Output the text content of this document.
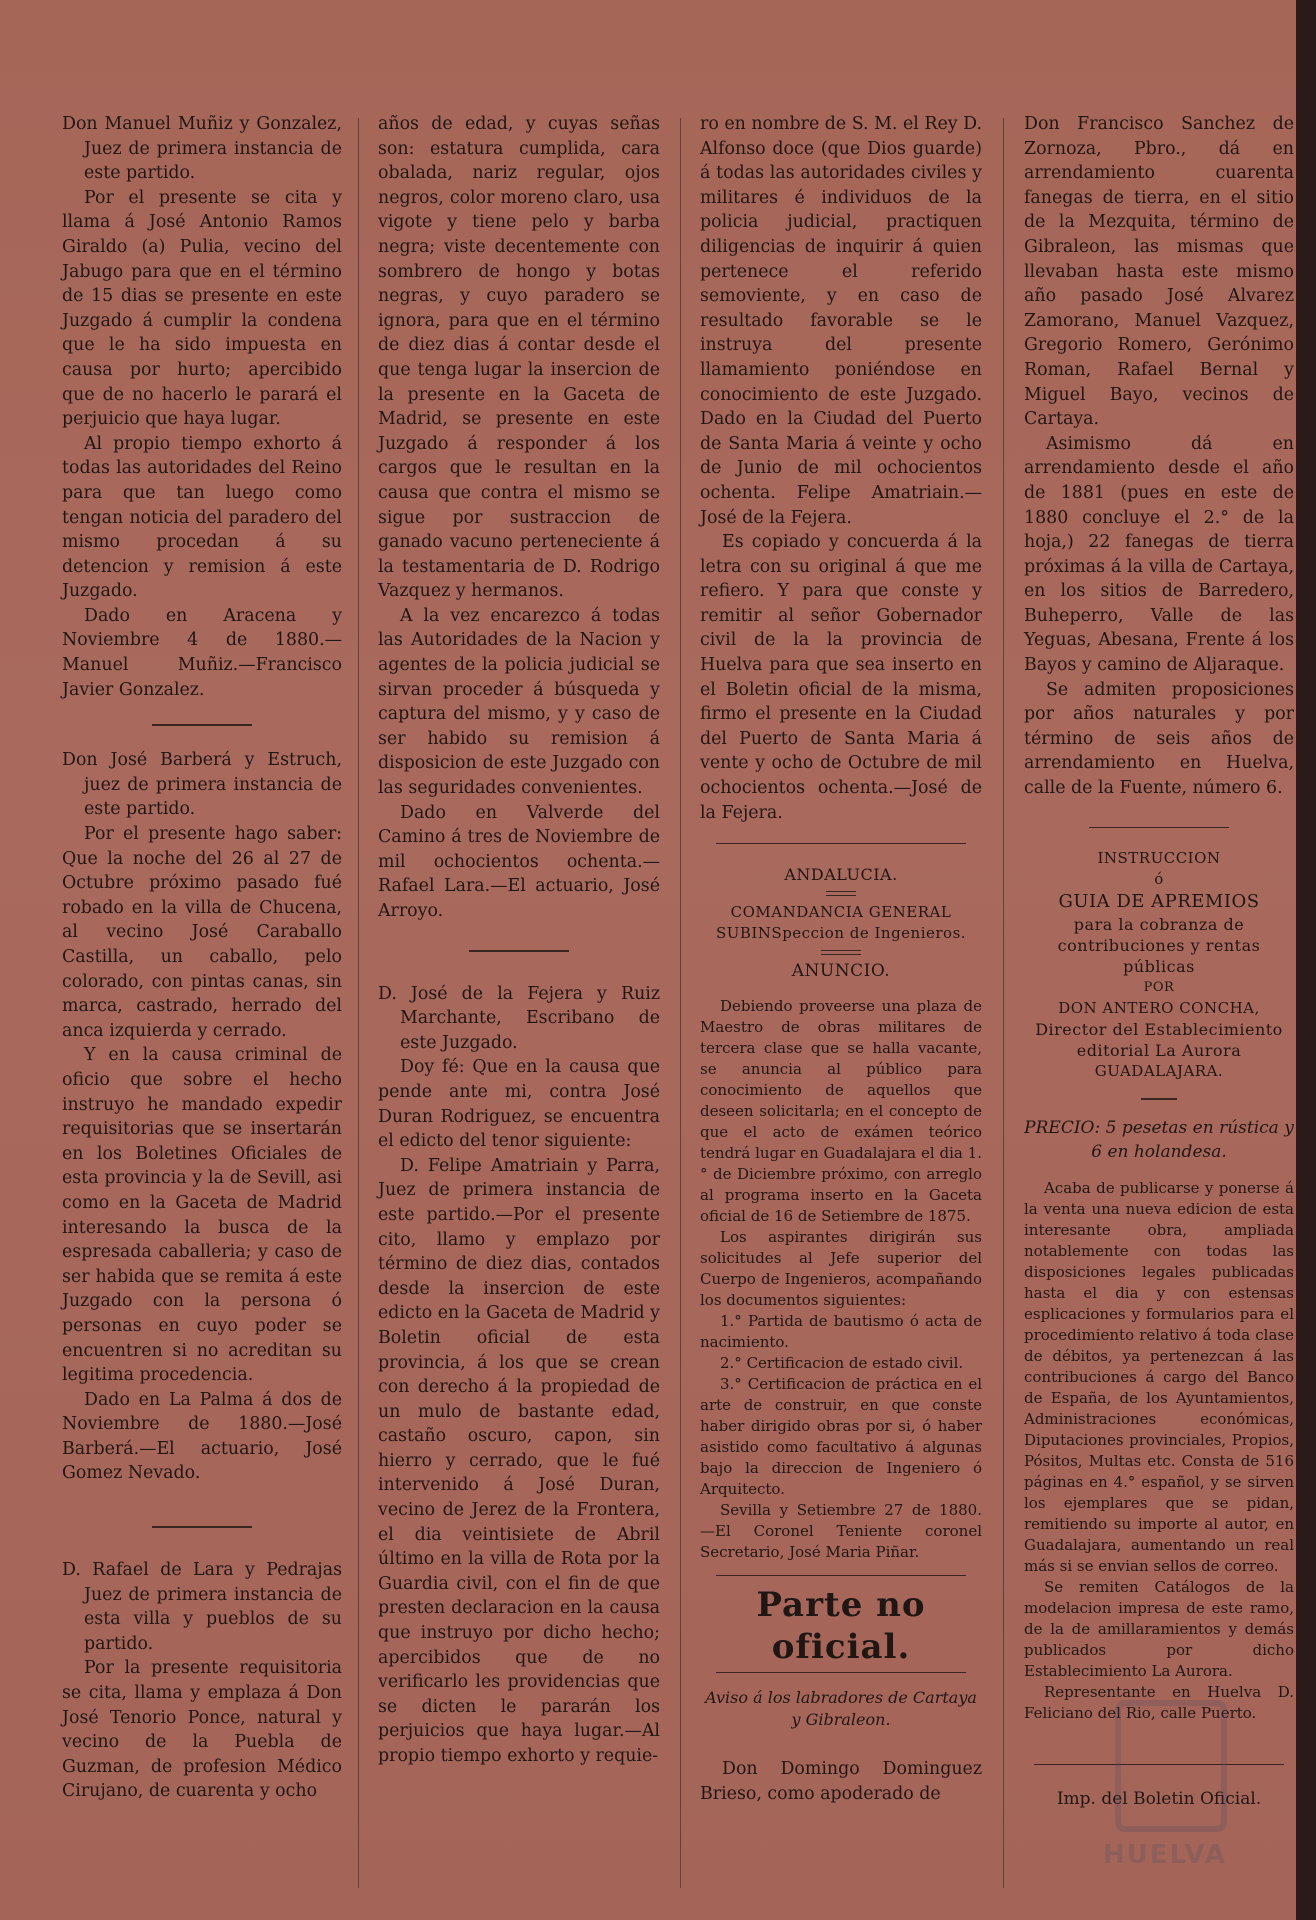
Don Manuel Muñiz y Gonzalez, Juez de primera instancia de este partido.

Por el presente se cita y llama á José Antonio Ramos Giraldo (a) Pulia, vecino del Jabugo para que en el término de 15 dias se presente en este Juzgado á cumplir la condena que le ha sido impuesta en causa por hurto; apercibido que de no hacerlo le parará el perjuicio que haya lugar.

Al propio tiempo exhorto á todas las autoridades del Reino para que tan luego como tengan noticia del paradero del mismo procedan á su detencion y remision á este Juzgado.

Dado en Aracena y Noviembre 4 de 1880.—Manuel Muñiz.—Francisco Javier Gonzalez.

Don José Barberá y Estruch, juez de primera instancia de este partido.

Por el presente hago saber: Que la noche del 26 al 27 de Octubre próximo pasado fué robado en la villa de Chucena, al vecino José Caraballo Castilla, un caballo, pelo colorado, con pintas canas, sin marca, castrado, herrado del anca izquierda y cerrado.

Y en la causa criminal de oficio que sobre el hecho instruyo he mandado expedir requisitorias que se insertarán en los Boletines Oficiales de esta provincia y la de Sevill, asi como en la Gaceta de Madrid interesando la busca de la espresada caballeria; y caso de ser habida que se remita á este Juzgado con la persona ó personas en cuyo poder se encuentren si no acreditan su legitima procedencia.

Dado en La Palma á dos de Noviembre de 1880.—José Barberá.—El actuario, José Gomez Nevado.

D. Rafael de Lara y Pedrajas Juez de primera instancia de esta villa y pueblos de su partido.

Por la presente requisitoria se cita, llama y emplaza á Don José Tenorio Ponce, natural y vecino de la Puebla de Guzman, de profesion Médico Cirujano, de cuarenta y ocho

años de edad, y cuyas señas son: estatura cumplida, cara obalada, nariz regular, ojos negros, color moreno claro, usa vigote y tiene pelo y barba negra; viste decentemente con sombrero de hongo y botas negras, y cuyo paradero se ignora, para que en el término de diez dias á contar desde el que tenga lugar la insercion de la presente en la Gaceta de Madrid, se presente en este Juzgado á responder á los cargos que le resultan en la causa que contra el mismo se sigue por sustraccion de ganado vacuno perteneciente á la testamentaria de D. Rodrigo Vazquez y hermanos.

A la vez encarezco á todas las Autoridades de la Nacion y agentes de la policia judicial se sirvan proceder á búsqueda y captura del mismo, y y caso de ser habido su remision á disposicion de este Juzgado con las seguridades convenientes.

Dado en Valverde del Camino á tres de Noviembre de mil ochocientos ochenta.—Rafael Lara.—El actuario, José Arroyo.

D. José de la Fejera y Ruiz Marchante, Escribano de este Juzgado.

Doy fé: Que en la causa que pende ante mi, contra José Duran Rodriguez, se encuentra el edicto del tenor siguiente:

D. Felipe Amatriain y Parra, Juez de primera instancia de este partido.—Por el presente cito, llamo y emplazo por término de diez dias, contados desde la insercion de este edicto en la Gaceta de Madrid y Boletin oficial de esta provincia, á los que se crean con derecho á la propiedad de un mulo de bastante edad, castaño oscuro, capon, sin hierro y cerrado, que le fué intervenido á José Duran, vecino de Jerez de la Frontera, el dia veintisiete de Abril último en la villa de Rota por la Guardia civil, con el fin de que presten declaracion en la causa que instruyo por dicho hecho; apercibidos que de no verificarlo les providencias que se dicten le pararán los perjuicios que haya lugar.—Al propio tiempo exhorto y requie-

ro en nombre de S. M. el Rey D. Alfonso doce (que Dios guarde) á todas las autoridades civiles y militares é individuos de la policia judicial, practiquen diligencias de inquirir á quien pertenece el referido semoviente, y en caso de resultado favorable se le instruya del presente llamamiento poniéndose en conocimiento de este Juzgado. Dado en la Ciudad del Puerto de Santa Maria á veinte y ocho de Junio de mil ochocientos ochenta. Felipe Amatriain.—José de la Fejera.

Es copiado y concuerda á la letra con su original á que me refiero. Y para que conste y remitir al señor Gobernador civil de la la provincia de Huelva para que sea inserto en el Boletin oficial de la misma, firmo el presente en la Ciudad del Puerto de Santa Maria á vente y ocho de Octubre de mil ochocientos ochenta.—José de la Fejera.

ANDALUCIA.

COMANDANCIA GENERAL SUBINSpeccion de Ingenieros.

ANUNCIO.

Debiendo proveerse una plaza de Maestro de obras militares de tercera clase que se halla vacante, se anuncia al público para conocimiento de aquellos que deseen solicitarla; en el concepto de que el acto de exámen teórico tendrá lugar en Guadalajara el dia 1.° de Diciembre próximo, con arreglo al programa inserto en la Gaceta oficial de 16 de Setiembre de 1875.

Los aspirantes dirigirán sus solicitudes al Jefe superior del Cuerpo de Ingenieros, acompañando los documentos siguientes:

1.° Partida de bautismo ó acta de nacimiento.

2.° Certificacion de estado civil.

3.° Certificacion de práctica en el arte de construir, en que conste haber dirigido obras por si, ó haber asistido como facultativo á algunas bajo la direccion de Ingeniero ó Arquitecto.

Sevilla y Setiembre 27 de 1880. —El Coronel Teniente coronel Secretario, José Maria Piñar.

Parte no oficial.

Aviso á los labradores de Cartaya y Gibraleon.

Don Domingo Dominguez Brieso, como apoderado de

Don Francisco Sanchez de Zornoza, Pbro., dá en arrendamiento cuarenta fanegas de tierra, en el sitio de la Mezquita, término de Gibraleon, las mismas que llevaban hasta este mismo año pasado José Alvarez Zamorano, Manuel Vazquez, Gregorio Romero, Gerónimo Roman, Rafael Bernal y Miguel Bayo, vecinos de Cartaya.

Asimismo dá en arrendamiento desde el año de 1881 (pues en este de 1880 concluye el 2.° de la hoja,) 22 fanegas de tierra próximas á la villa de Cartaya, en los sitios de Barredero, Buheperro, Valle de las Yeguas, Abesana, Frente á los Bayos y camino de Aljaraque.

Se admiten proposiciones por años naturales y por término de seis años de arrendamiento en Huelva, calle de la Fuente, número 6.

INSTRUCCION

ó

GUIA DE APREMIOS

para la cobranza de contribuciones y rentas públicas

POR

DON ANTERO CONCHA,

Director del Establecimiento editorial La Aurora

GUADALAJARA.

PRECIO: 5 pesetas en rústica y 6 en holandesa.

Acaba de publicarse y ponerse á la venta una nueva edicion de esta interesante obra, ampliada notablemente con todas las disposiciones legales publicadas hasta el dia y con estensas esplicaciones y formularios para el procedimiento relativo á toda clase de débitos, ya pertenezcan á las contribuciones á cargo del Banco de España, de los Ayuntamientos, Administraciones económicas, Diputaciones provinciales, Propios, Pósitos, Multas etc. Consta de 516 páginas en 4.° español, y se sirven los ejemplares que se pidan, remitiendo su importe al autor, en Guadalajara, aumentando un real más si se envian sellos de correo.

Se remiten Catálogos de la modelacion impresa de este ramo, de la de amillaramientos y demás publicados por dicho Establecimiento La Aurora.

Representante en Huelva D. Feliciano del Rio, calle Puerto.

Imp. del Boletin Oficial.

HUELVA
